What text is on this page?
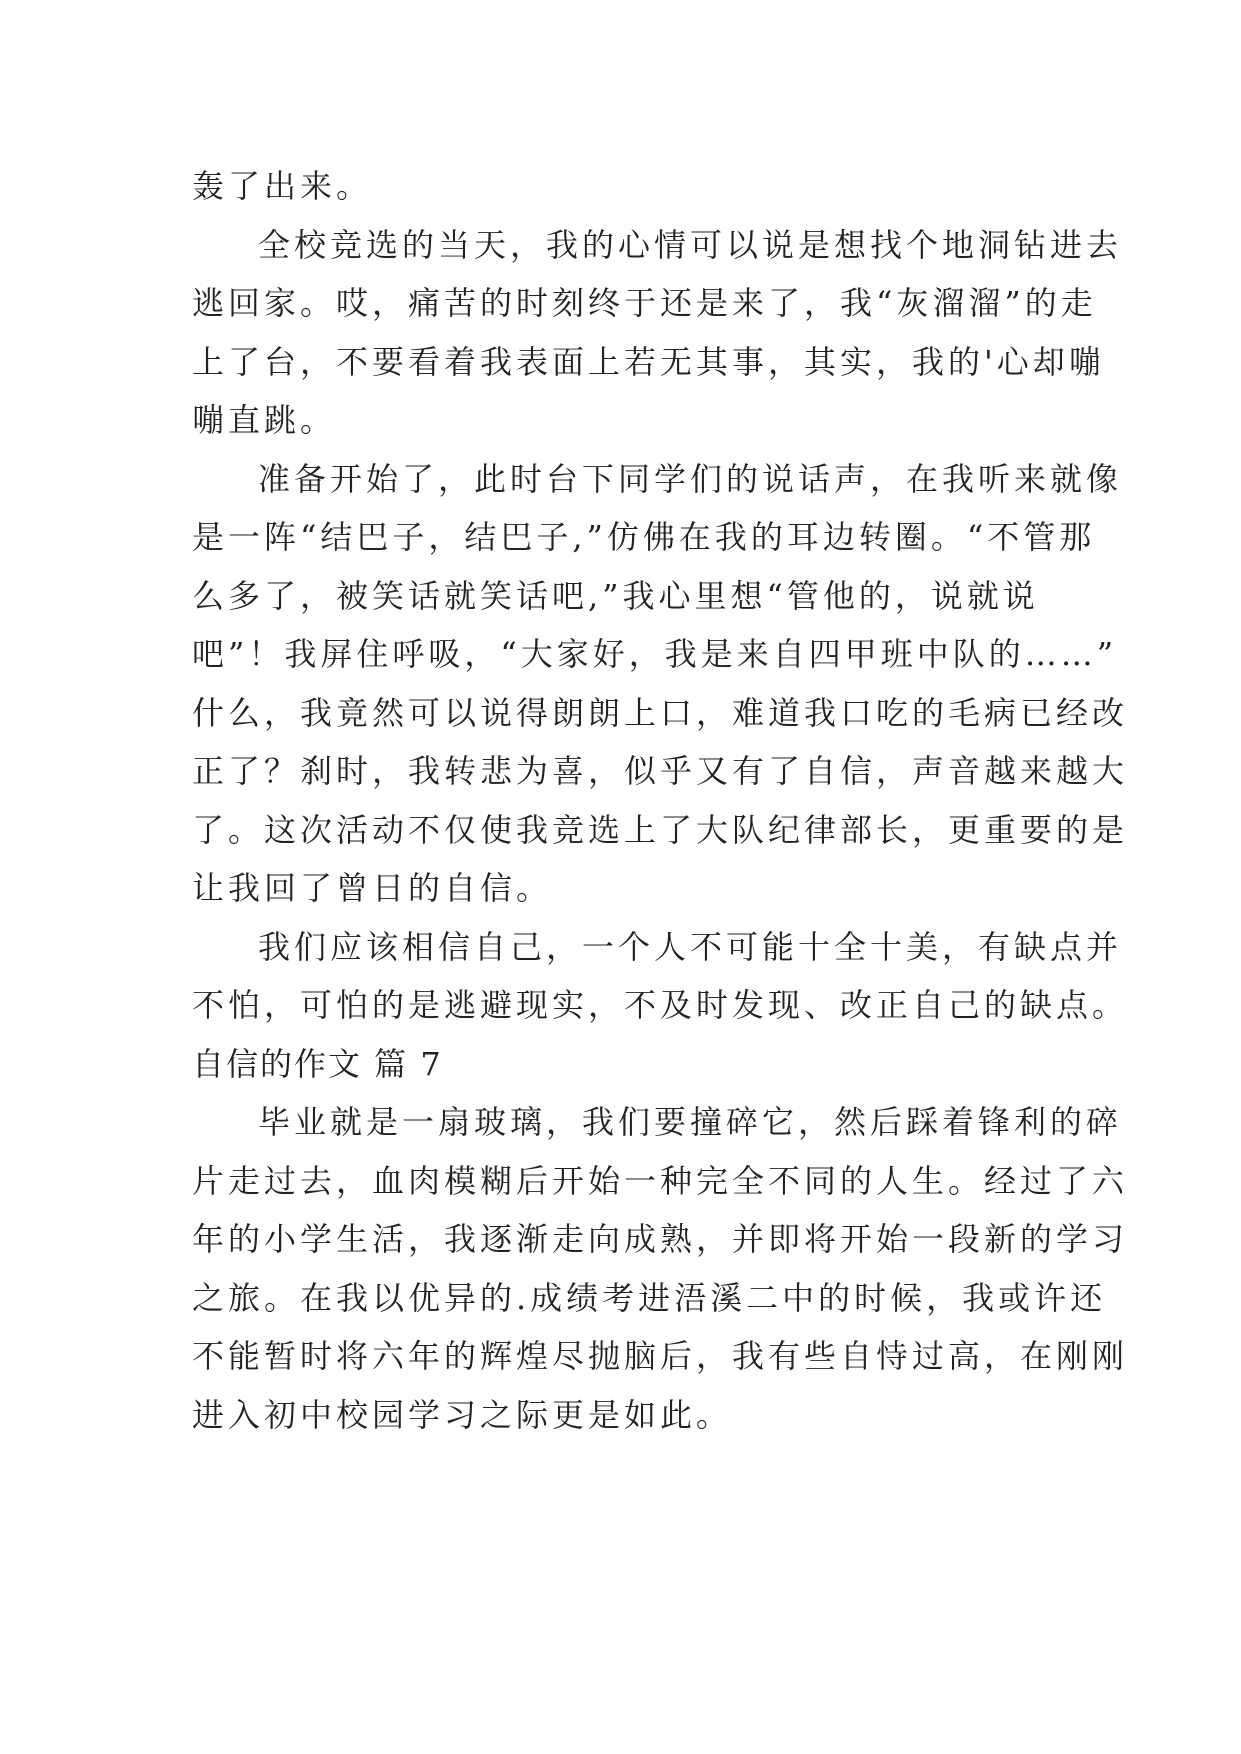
轰了出来。
全校竞选的当天，我的心情可以说是想找个地洞钻进去
逃回家。哎，痛苦的时刻终于还是来了，我“灰溜溜”的走
上了台，不要看着我表面上若无其事，其实，我的'心却嘣
嘣直跳。
准备开始了，此时台下同学们的说话声，在我听来就像
是一阵“结巴子，结巴子,”仿佛在我的耳边转圈。“不管那
么多了，被笑话就笑话吧,”我心里想“管他的，说就说
吧”！我屏住呼吸，“大家好，我是来自四甲班中队的……”
什么，我竟然可以说得朗朗上口，难道我口吃的毛病已经改
正了？刹时，我转悲为喜，似乎又有了自信，声音越来越大
了。这次活动不仅使我竞选上了大队纪律部长，更重要的是
让我回了曾日的自信。
我们应该相信自己，一个人不可能十全十美，有缺点并
不怕，可怕的是逃避现实，不及时发现、改正自己的缺点。
自信的作文 篇 7
毕业就是一扇玻璃，我们要撞碎它，然后踩着锋利的碎
片走过去，血肉模糊后开始一种完全不同的人生。经过了六
年的小学生活，我逐渐走向成熟，并即将开始一段新的学习
之旅。在我以优异的.成绩考进浯溪二中的时候，我或许还
不能暂时将六年的辉煌尽抛脑后，我有些自恃过高，在刚刚
进入初中校园学习之际更是如此。
